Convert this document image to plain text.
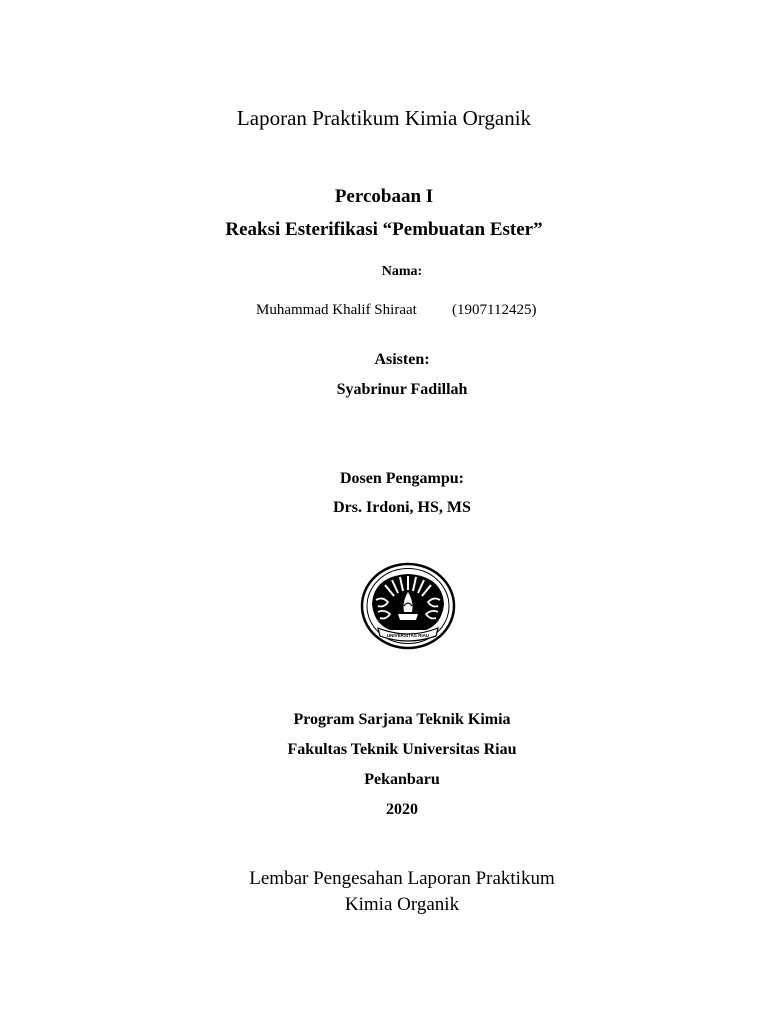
Laporan Praktikum Kimia Organik
Percobaan I
Reaksi Esterifikasi “Pembuatan Ester”
Nama:
Muhammad Khalif Shiraat (1907112425)
Asisten:
Syabrinur Fadillah
Dosen Pengampu:
Drs. Irdoni, HS, MS
UNIVERSITAS RIAU
Program Sarjana Teknik Kimia
Fakultas Teknik Universitas Riau
Pekanbaru
2020
Lembar Pengesahan Laporan Praktikum
Kimia Organik
